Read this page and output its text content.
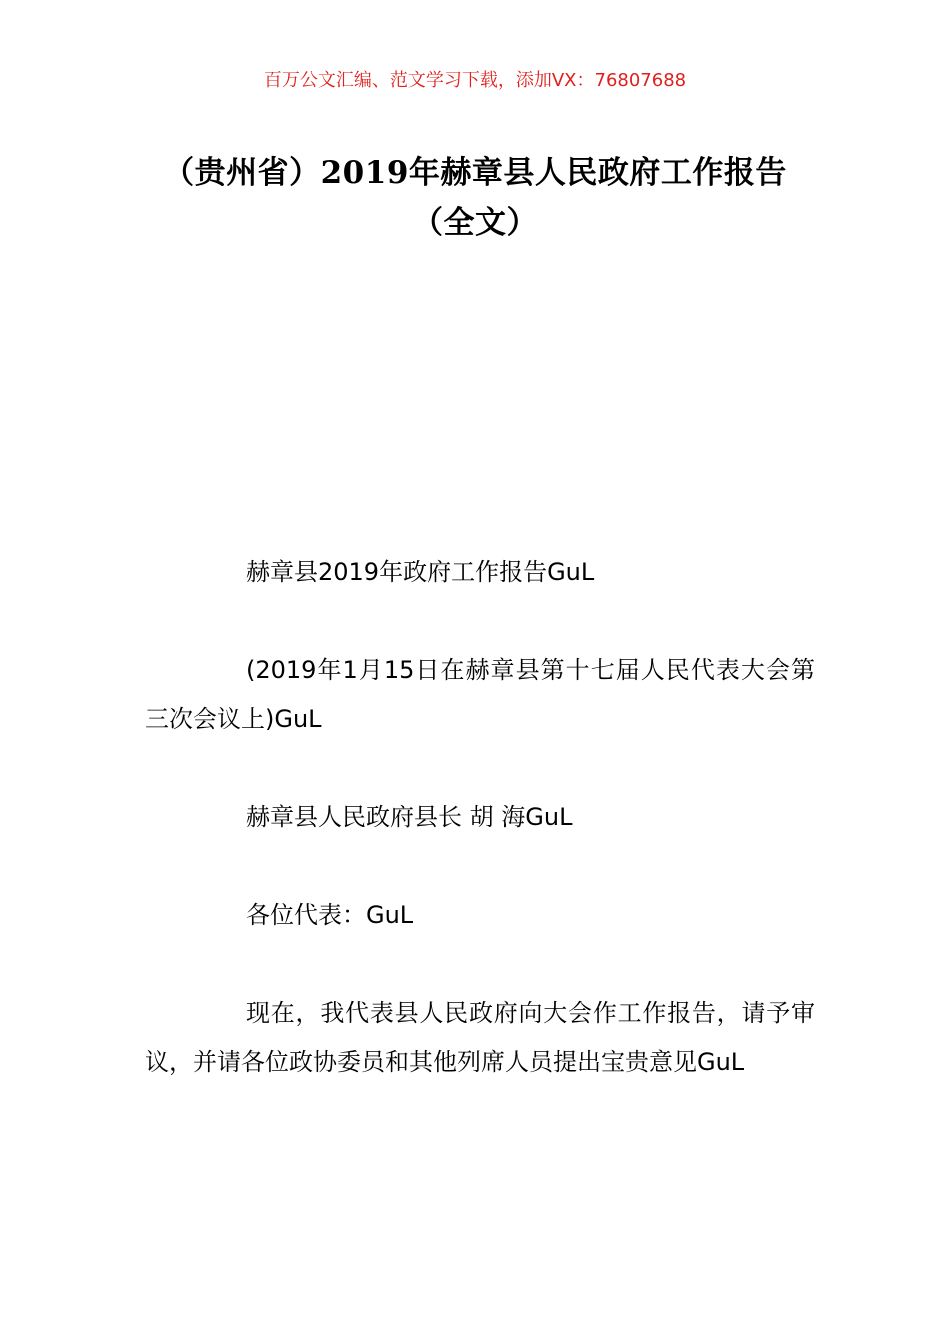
百万公文汇编、范文学习下载，添加VX：76807688
（贵州省）2019年赫章县人民政府工作报告（全文）

赫章县2019年政府工作报告GuL

(2019年1月15日在赫章县第十七届人民代表大会第三次会议上)GuL

赫章县人民政府县长 胡 海GuL

各位代表：GuL

现在，我代表县人民政府向大会作工作报告，请予审议，并请各位政协委员和其他列席人员提出宝贵意见GuL
